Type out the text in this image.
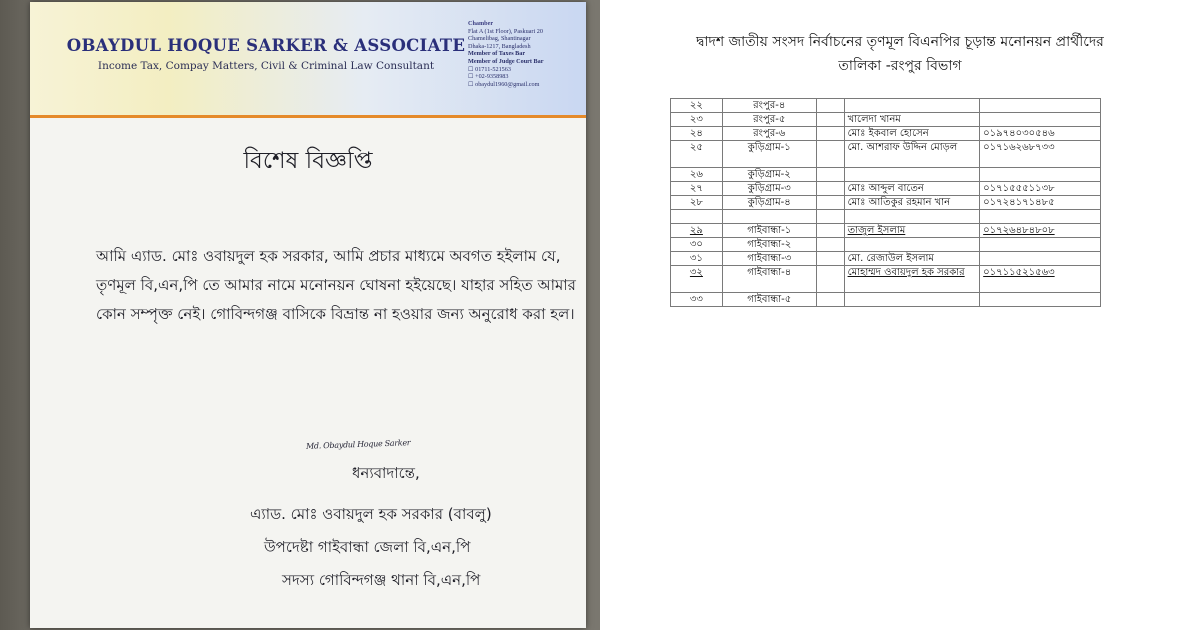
OBAYDUL HOQUE SARKER & ASSOCIATE
Income Tax, Compay Matters, Civil & Criminal Law Consultant
Chamber
Flat A (1st Floor), Paskuari 20
Chamelibag, Shantinagar
Dhaka-1217, Bangladesh
Member of Taxes Bar
Member of Judge Court Bar
☐ 01711-521563
☐ +02-9358983
☐ obaydul1960@gmail.com
বিশেষ বিজ্ঞপ্তি
আমি এ্যাড. মোঃ ওবায়দুল হক সরকার, আমি প্রচার মাধ্যমে অবগত হইলাম যে, তৃণমূল বি,এন,পি তে আমার নামে মনোনয়ন ঘোষনা হইয়েছে। যাহার সহিত আমার কোন সম্পৃক্ত নেই। গোবিন্দগঞ্জ বাসিকে বিভ্রান্ত না হওয়ার জন্য অনুরোধ করা হল।
Md. Obaydul Hoque Sarker
ধন্যবাদান্তে,
এ্যাড. মোঃ ওবায়দুল হক সরকার (বাবলু)
উপদেষ্টা গাইবান্ধা জেলা বি,এন,পি
সদস্য গোবিন্দগঞ্জ থানা বি,এন,পি
দ্বাদশ জাতীয় সংসদ নির্বাচনের তৃণমূল বিএনপির চূড়ান্ত মনোনয়ন প্রার্থীদের
তালিকা -রংপুর বিভাগ
২২	রংপুর-৪			
২৩	রংপুর-৫		খালেদা খানম	
২৪	রংপুর-৬		মোঃ ইকবাল হোসেন	০১৯৭৪০৩০৫৪৬
২৫	কুড়িগ্রাম-১		মো. আশরাফ উদ্দিন মোড়ল	০১৭১৬২৬৮৭৩৩
২৬	কুড়িগ্রাম-২			
২৭	কুড়িগ্রাম-৩		মোঃ আব্দুল বাতেন	০১৭১৫৫৫১১৩৮
২৮	কুড়িগ্রাম-৪		মোঃ আতিকুর রহমান খান	০১৭২৪১৭১৪৮৫

২৯	গাইবান্ধা-১		তাজুল ইসলাম	০১৭২৬৪৮৪৮০৮
৩০	গাইবান্ধা-২			
৩১	গাইবান্ধা-৩		মো. রেজাউল ইসলাম	
৩২	গাইবান্ধা-৪		মোহাম্মদ ওবায়দুল হক সরকার	০১৭১১৫২১৫৬৩
৩৩	গাইবান্ধা-৫			
